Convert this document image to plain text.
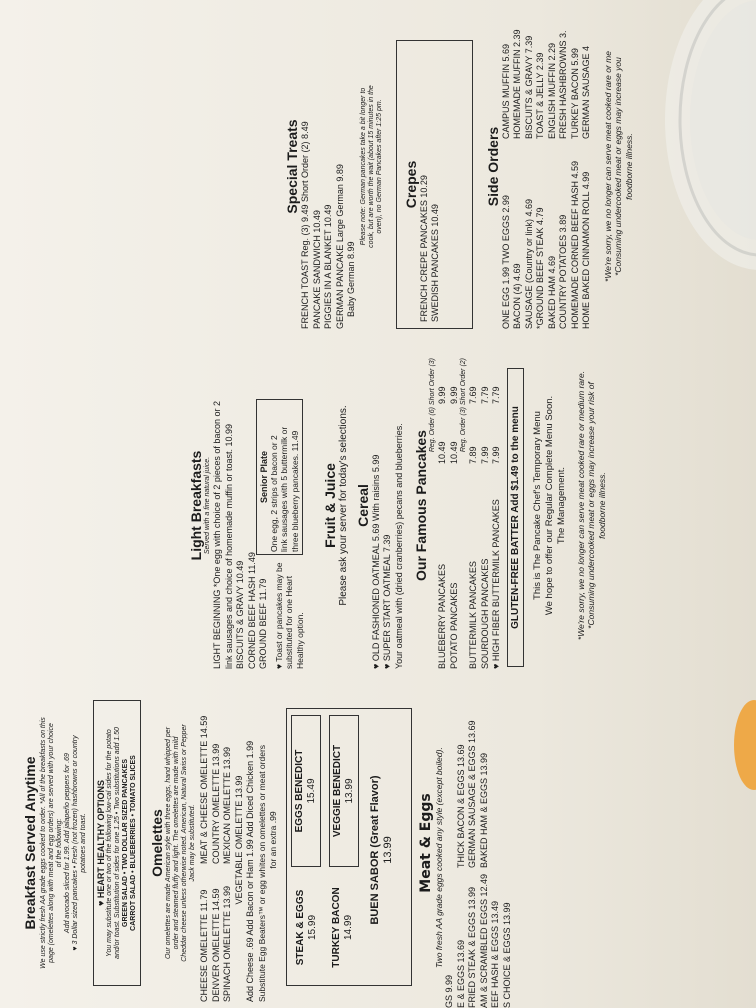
Breakfast Served Anytime We use strictly fresh AA grade eggs cooked to order. *All of the breakfasts on this page (omelettes along with meat and egg orders) are served with your choice of the following: Add avocado sliced for 1.99. Add jalapeño peppers for .69 ♥ 3 Dollar sized pancakes • Fresh (not frozen) hashbrowns or country potatoes and toast. ♥ HEART HEALTHY OPTIONS You may substitute one or two of the following low-cal sides for the potato and/or toast. Substitution of sides for one 1.25 • Two substitutions add 1.50 GREEN SALAD • TWO DOLLAR SIZED PANCAKES CARROT SALAD • BLUEBERRIES • TOMATO SLICES Omelettes Our omelettes are made American style with three eggs, hand whipped per order and steamed fluffy and light. The omelettes are made with mild Cheddar cheese unless otherwise noted. American, Natural Swiss or Pepper Jack may be substituted.
CHEESE OMELETTE 11.79MEAT & CHEESE OMELETTE 14.59
DENVER OMELETTE 14.59COUNTRY OMELETTE 13.99
SPINACH OMELETTE 13.99MEXICAN OMELETTE 13.99 VEGETABLE OMELETTE 13.99 Add Cheese .69 Add Bacon or Ham 1.99 Add Diced Chicken 1.99 Substitute Egg Beaters™ or egg whites on omelettes or meat orders for an extra .99
STEAK & EGGS 15.99
EGGS BENEDICT 15.49
TURKEY BACON 14.99
VEGGIE BENEDICT 13.99 BUEN SABOR (Great Flavor) 13.99 Meat & Eggs Two fresh AA grade eggs cooked any style (except boiled).
GS 9.99 E & EGGS 13.69THICK BACON & EGGS 13.69
FRIED STEAK & EGGS 13.99GERMAN SAUSAGE & EGGS 13.69
AM & SCRAMBLED EGGS 12.49BAKED HAM & EGGS 13.99
EEF HASH & EGGS 13.49 S CHOICE & EGGS 13.99
Light Breakfasts Served with a fine natural juice. LIGHT BEGINNING *One egg with choice of 2 pieces of bacon or 2 link sausages and choice of homemade muffin or toast. 10.99 BISCUITS & GRAVY 10.49 CORNED BEEF HASH 11.49 GROUND BEEF 11.79 ♥ Toast or pancakes may be substituted for one Heart Healthy option.
Senior Plate One egg, 2 strips of bacon or 2 link sausages with 5 buttermilk or three blueberry pancakes. 11.49 Fruit & Juice Please ask your server for today's selections. Cereal ♥ OLD FASHIONED OATMEAL 5.69 With raisins 5.99 ♥ SUPER START OATMEAL 7.39 Your oatmeal with (dried cranberries) pecans and blueberries. Our Famous Pancakes
Reg. Order (6) Short Order (3)
BLUEBERRY PANCAKES10.499.99
POTATO PANCAKES10.499.99 Reg. Order (3) Short Order (2)
BUTTERMILK PANCAKES7.897.69
SOURDOUGH PANCAKES7.997.79
♥ HIGH FIBER BUTTERMILK PANCAKES7.997.79
GLUTEN-FREE BATTER Add $1.49 to the menu	This is The Pancake Chef's Temporary Menu We hope to offer our Regular Complete Menu Soon. The Management. *We're sorry, we no longer can serve meat cooked rare or medium rare. *Consuming undercooked meat or eggs may increase your risk of foodborne illness.
Special Treats FRENCH TOAST Reg. (3) 9.49 Short Order (2) 8.49 PANCAKE SANDWICH 10.49 PIGGIES IN A BLANKET 10.49 GERMAN PANCAKE Large German 9.89 Baby German 8.99
Please note: German pancakes take a bit longer to cook, but are worth the wait (about 15 minutes in the oven), no German Pancakes after 1:25 pm. Crepes FRENCH CREPE PANCAKES 10.29 SWEDISH PANCAKES 10.49
Side Orders
ONE EGG 1.99 TWO EGGS 2.99CAMPUS MUFFIN 5.69
BACON (4) 4.69HOMEMADE MUFFIN 2.39
SAUSAGE (Country or link) 4.69BISCUITS & GRAVY 7.39
*GROUND BEEF STEAK 4.79TOAST & JELLY 2.39
BAKED HAM 4.69ENGLISH MUFFIN 2.29
COUNTRY POTATOES 3.89FRESH HASHBROWNS 3.
HOMEMADE CORNED BEEF HASH 4.59TURKEY BACON 5.99
HOME BAKED CINNAMON ROLL 4.99GERMAN SAUSAGE 4 *We're sorry, we no longer can serve meat cooked rare or me *Consuming undercooked meat or eggs may increase you foodborne illness.
